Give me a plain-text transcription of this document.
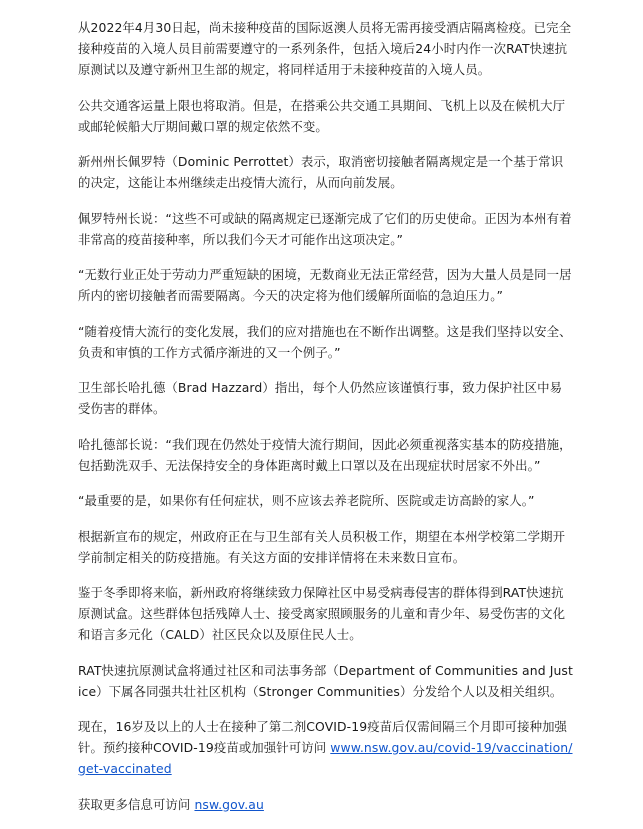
从2022年4月30日起，尚未接种疫苗的国际返澳人员将无需再接受酒店隔离检疫。已完全接种疫苗的入境人员目前需要遵守的一系列条件，包括入境后24小时内作一次RAT快速抗原测试以及遵守新州卫生部的规定，将同样适用于未接种疫苗的入境人员。

公共交通客运量上限也将取消。但是，在搭乘公共交通工具期间、飞机上以及在候机大厅或邮轮候船大厅期间戴口罩的规定依然不变。

新州州长佩罗特（Dominic Perrottet）表示，取消密切接触者隔离规定是一个基于常识的决定，这能让本州继续走出疫情大流行，从而向前发展。

佩罗特州长说：“这些不可或缺的隔离规定已逐渐完成了它们的历史使命。正因为本州有着非常高的疫苗接种率，所以我们今天才可能作出这项决定。”

“无数行业正处于劳动力严重短缺的困境，无数商业无法正常经营，因为大量人员是同一居所内的密切接触者而需要隔离。今天的决定将为他们缓解所面临的急迫压力。”

“随着疫情大流行的变化发展，我们的应对措施也在不断作出调整。这是我们坚持以安全、负责和审慎的工作方式循序渐进的又一个例子。”

卫生部长哈扎德（Brad Hazzard）指出，每个人仍然应该谨慎行事，致力保护社区中易受伤害的群体。

哈扎德部长说：“我们现在仍然处于疫情大流行期间，因此必须重视落实基本的防疫措施，包括勤洗双手、无法保持安全的身体距离时戴上口罩以及在出现症状时居家不外出。”

“最重要的是，如果你有任何症状，则不应该去养老院所、医院或走访高龄的家人。”

根据新宣布的规定，州政府正在与卫生部有关人员积极工作，期望在本州学校第二学期开学前制定相关的防疫措施。有关这方面的安排详情将在未来数日宣布。

鉴于冬季即将来临，新州政府将继续致力保障社区中易受病毒侵害的群体得到RAT快速抗原测试盒。这些群体包括残障人士、接受离家照顾服务的儿童和青少年、易受伤害的文化和语言多元化（CALD）社区民众以及原住民人士。

RAT快速抗原测试盒将通过社区和司法事务部（Department of Communities and Justice）下属各同强共壮社区机构（Stronger Communities）分发给个人以及相关组织。

现在，16岁及以上的人士在接种了第二剂COVID-19疫苗后仅需间隔三个月即可接种加强针。预约接种COVID-19疫苗或加强针可访问 www.nsw.gov.au/covid-19/vaccination/get-vaccinated

获取更多信息可访问 nsw.gov.au
